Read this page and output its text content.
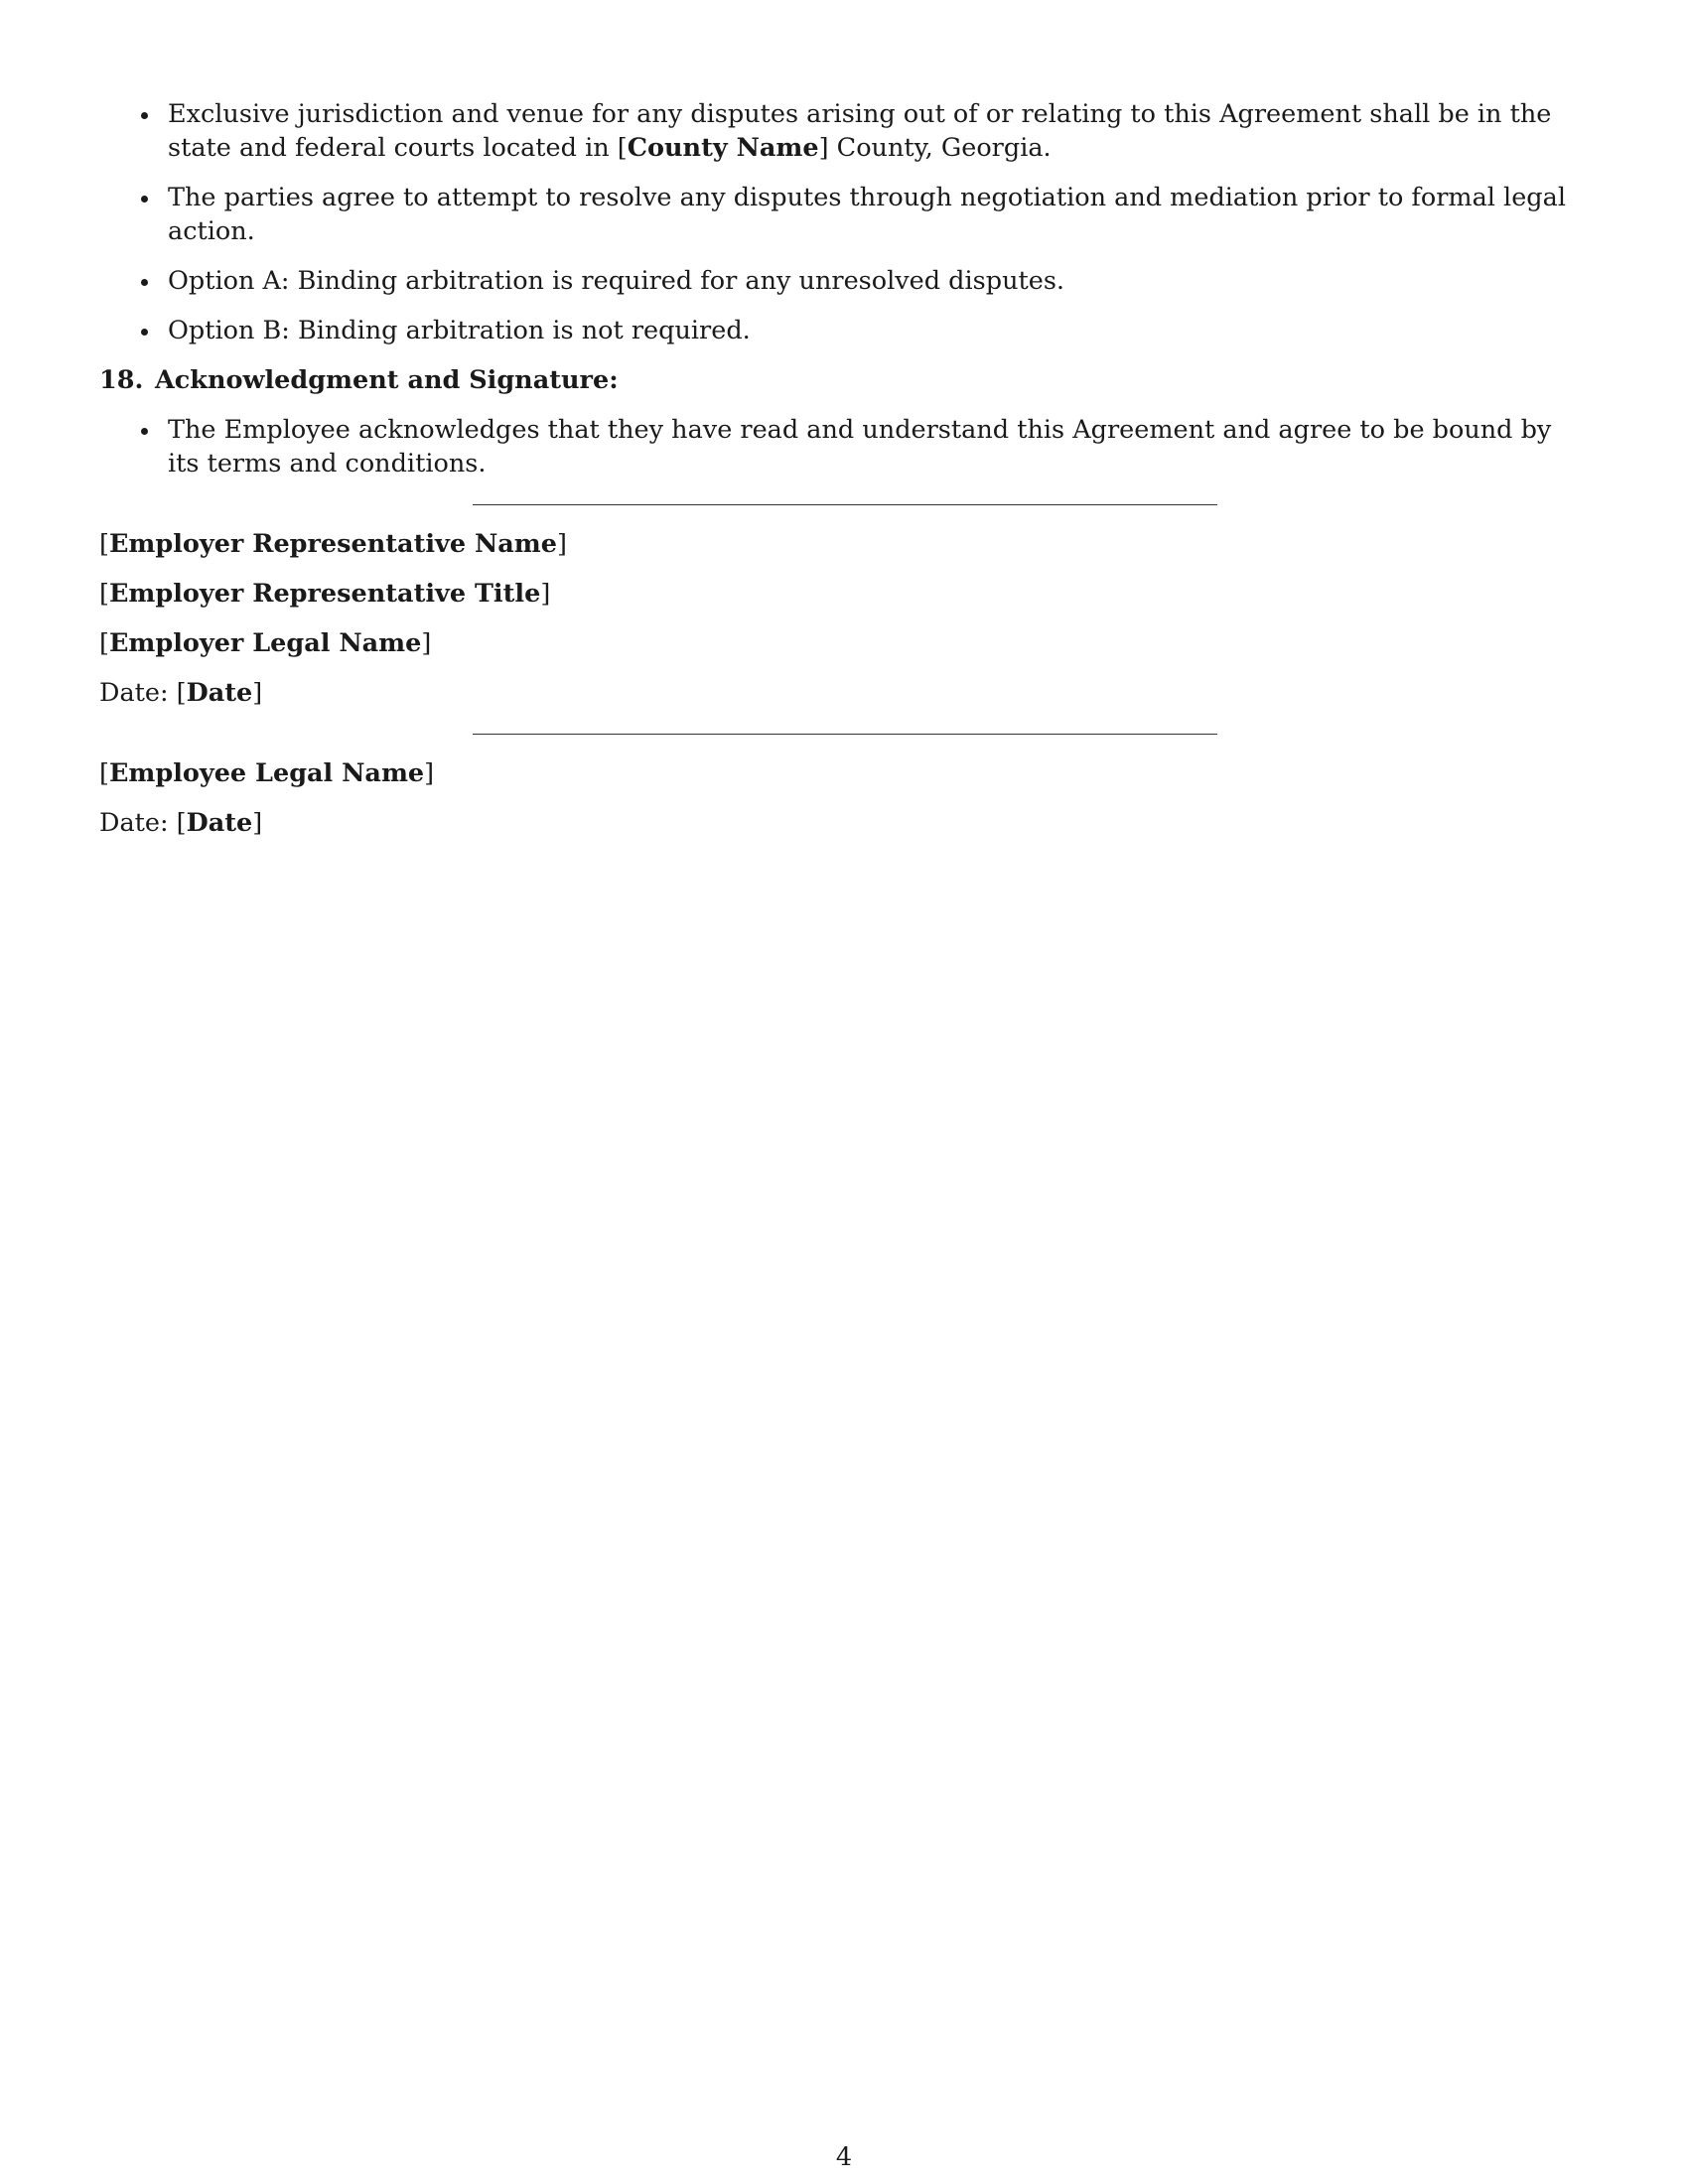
Exclusive jurisdiction and venue for any disputes arising out of or relating to this Agreement shall be in the state and federal courts located in [County Name] County, Georgia.
The parties agree to attempt to resolve any disputes through negotiation and mediation prior to formal legal action.
Option A: Binding arbitration is required for any unresolved disputes.
Option B: Binding arbitration is not required.
18. Acknowledgment and Signature:
The Employee acknowledges that they have read and understand this Agreement and agree to be bound by its terms and conditions.
[Employer Representative Name]
[Employer Representative Title]
[Employer Legal Name]
Date: [Date]
[Employee Legal Name]
Date: [Date]
4
